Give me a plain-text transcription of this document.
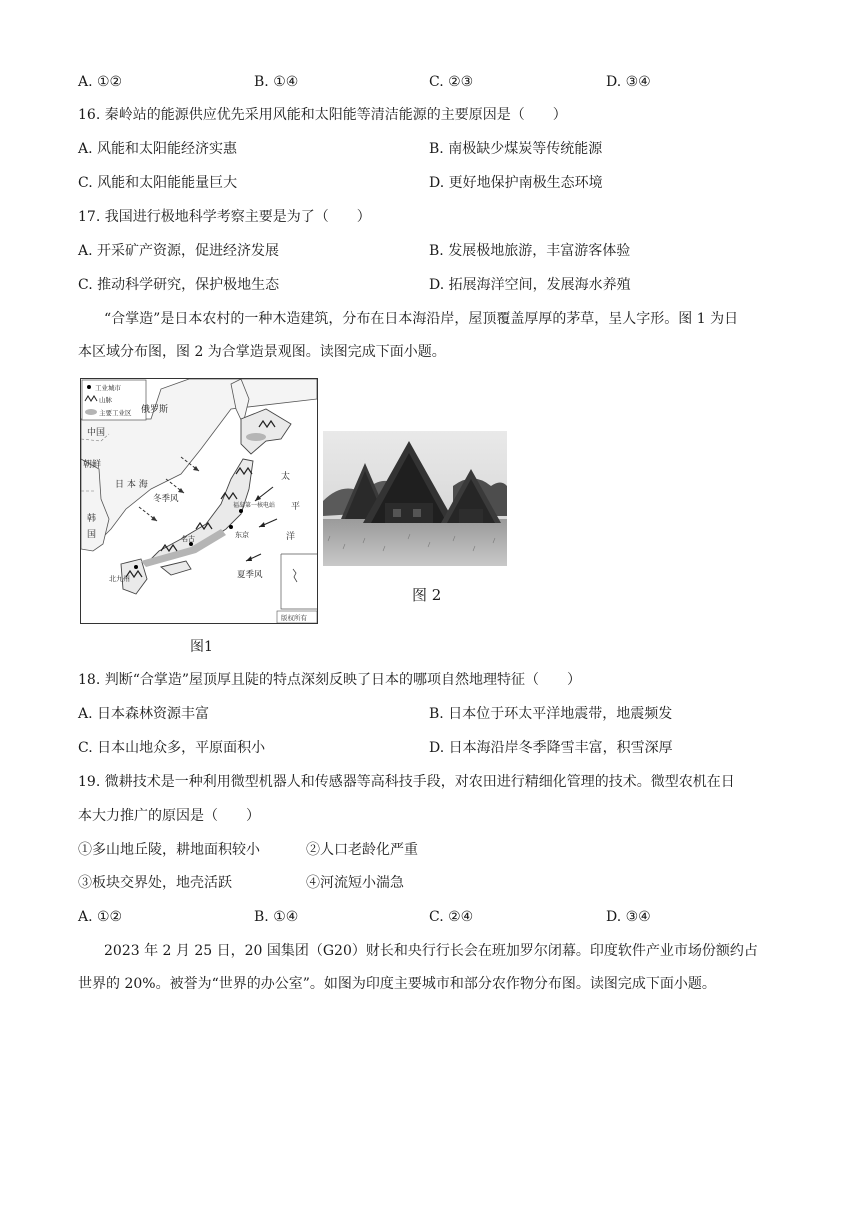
A. ①②	B. ①④	C. ②③	D. ③④
16. 秦岭站的能源供应优先采用风能和太阳能等清洁能源的主要原因是（　　）
A. 风能和太阳能经济实惠	B. 南极缺少煤炭等传统能源
C. 风能和太阳能能量巨大	D. 更好地保护南极生态环境
17. 我国进行极地科学考察主要是为了（　　）
A. 开采矿产资源，促进经济发展	B. 发展极地旅游，丰富游客体验
C. 推动科学研究，保护极地生态	D. 拓展海洋空间，发展海水养殖
“合掌造”是日本农村的一种木造建筑，分布在日本海沿岸，屋顶覆盖厚厚的茅草，呈人字形。图 1 为日
本区域分布图，图 2 为合掌造景观图。读图完成下面小题。
工业城市
山脉
主要工业区 俄罗斯
中国
朝鲜
韩
国
日 本 海
冬季风
夏季风
太
平
洋
福岛第一核电站
东京
名古
北九州
版权所有
图1
图 2
18. 判断“合掌造”屋顶厚且陡的特点深刻反映了日本的哪项自然地理特征（　　）
A. 日本森林资源丰富	B. 日本位于环太平洋地震带，地震频发
C. 日本山地众多，平原面积小	D. 日本海沿岸冬季降雪丰富，积雪深厚
19. 微耕技术是一种利用微型机器人和传感器等高科技手段，对农田进行精细化管理的技术。微型农机在日
本大力推广的原因是（　　）
①多山地丘陵，耕地面积较小	②人口老龄化严重
③板块交界处，地壳活跃	④河流短小湍急
A. ①②	B. ①④	C. ②④	D. ③④
2023 年 2 月 25 日，20 国集团（G20）财长和央行行长会在班加罗尔闭幕。印度软件产业市场份额约占
世界的 20%。被誉为“世界的办公室”。如图为印度主要城市和部分农作物分布图。读图完成下面小题。
